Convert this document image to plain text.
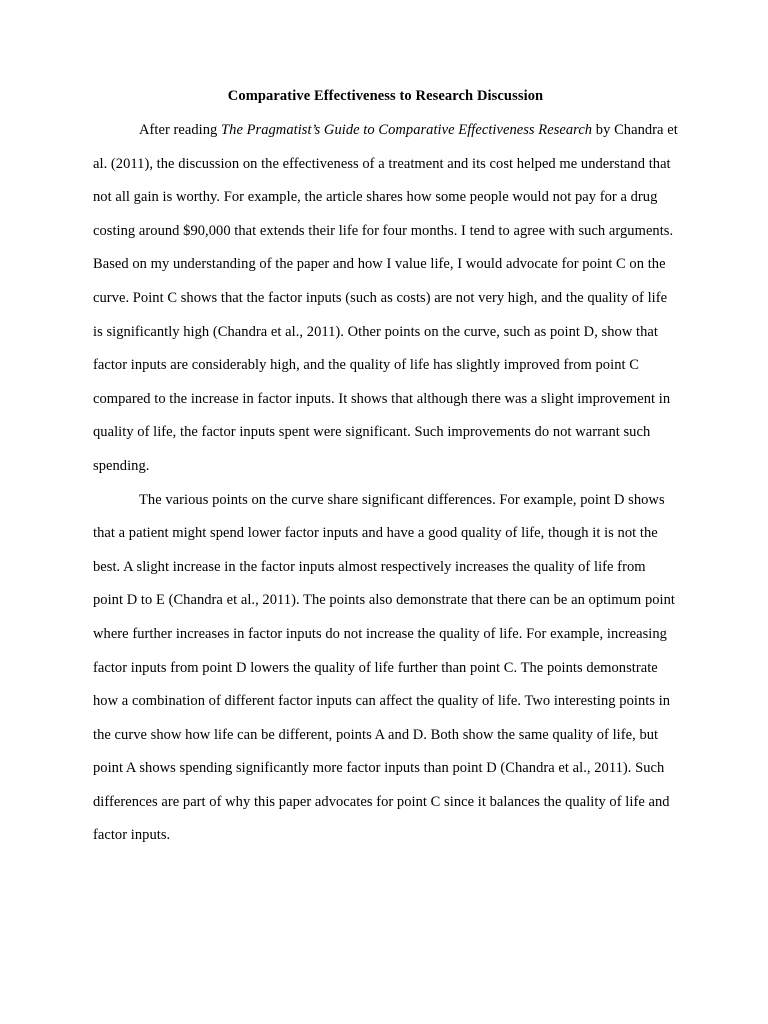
Comparative Effectiveness to Research Discussion

After reading The Pragmatist’s Guide to Comparative Effectiveness Research by Chandra et al. (2011), the discussion on the effectiveness of a treatment and its cost helped me understand that not all gain is worthy. For example, the article shares how some people would not pay for a drug costing around $90,000 that extends their life for four months. I tend to agree with such arguments. Based on my understanding of the paper and how I value life, I would advocate for point C on the curve. Point C shows that the factor inputs (such as costs) are not very high, and the quality of life is significantly high (Chandra et al., 2011). Other points on the curve, such as point D, show that factor inputs are considerably high, and the quality of life has slightly improved from point C compared to the increase in factor inputs. It shows that although there was a slight improvement in quality of life, the factor inputs spent were significant. Such improvements do not warrant such spending.

The various points on the curve share significant differences. For example, point D shows that a patient might spend lower factor inputs and have a good quality of life, though it is not the best. A slight increase in the factor inputs almost respectively increases the quality of life from point D to E (Chandra et al., 2011). The points also demonstrate that there can be an optimum point where further increases in factor inputs do not increase the quality of life. For example, increasing factor inputs from point D lowers the quality of life further than point C. The points demonstrate how a combination of different factor inputs can affect the quality of life. Two interesting points in the curve show how life can be different, points A and D. Both show the same quality of life, but point A shows spending significantly more factor inputs than point D (Chandra et al., 2011). Such differences are part of why this paper advocates for point C since it balances the quality of life and factor inputs.
